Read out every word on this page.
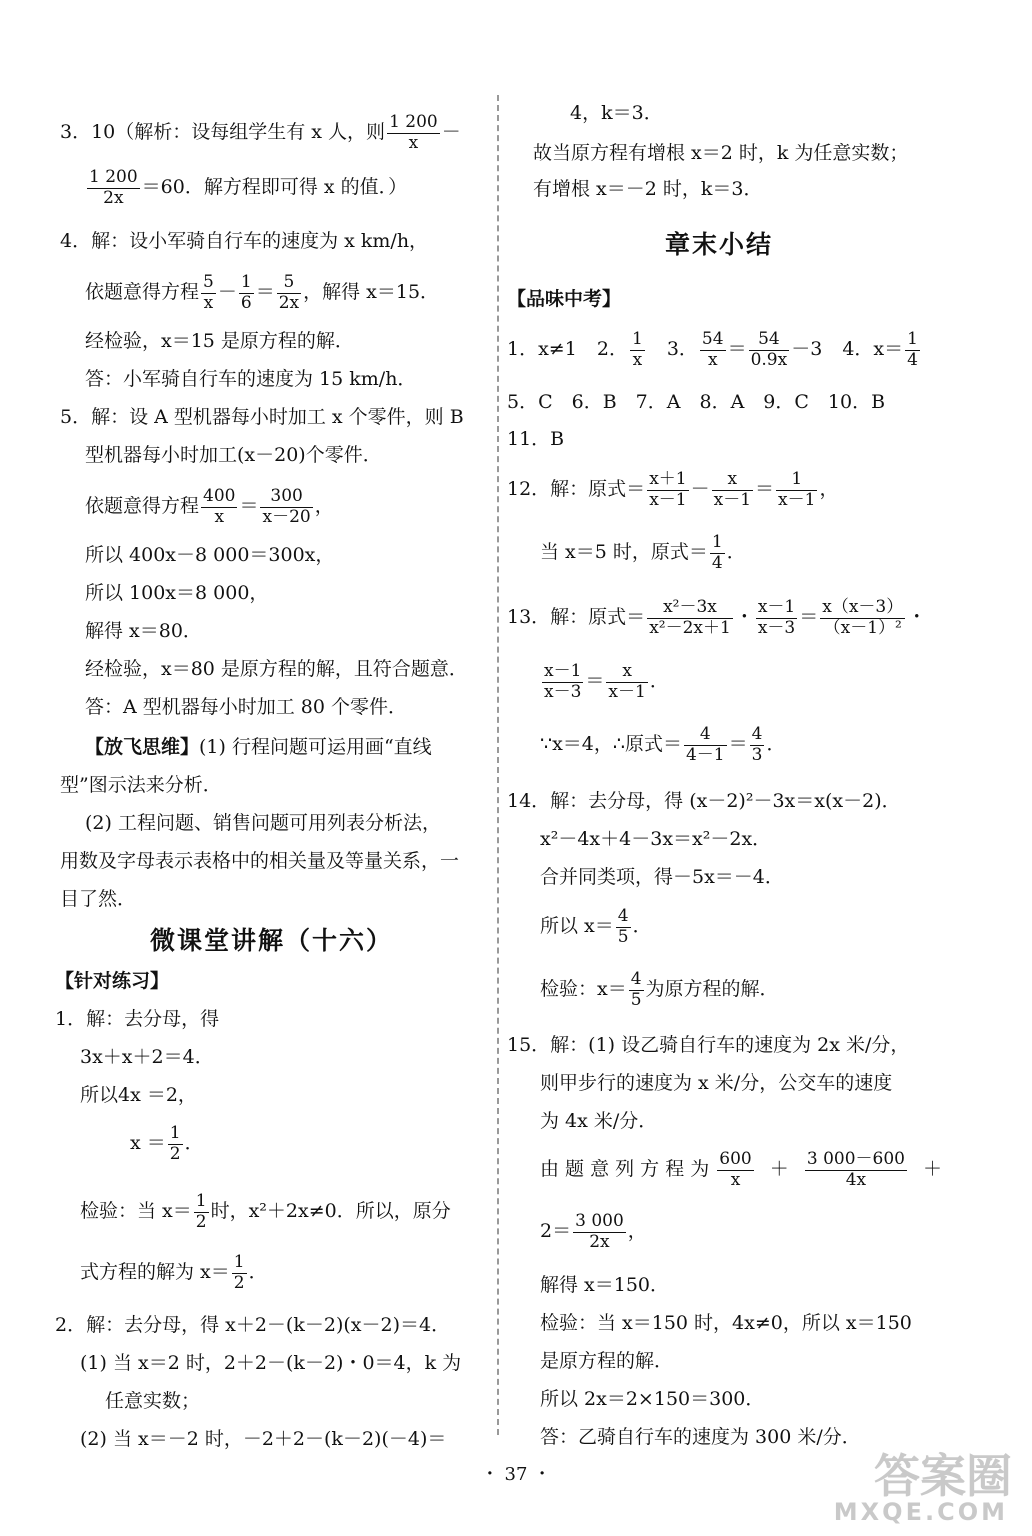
3．10（解析：设每组学生有 x 人，则 $\frac{1 200}{x}$ －
$\frac{1 200}{2x} =60$．解方程即可得 x 的值．）
4．解：设小军骑自行车的速度为 x km/h，
依题意得方程 $\frac{5}{x} - \frac{1}{6} = \frac{5}{2x}$ ，解得 x＝15．
经检验，x＝15 是原方程的解．
答：小军骑自行车的速度为 15 km/h．
5．解：设 A 型机器每小时加工 x 个零件，则 B
型机器每小时加工(x－20)个零件．
依题意得方程 $\frac{400}{x} = \frac{300}{x-20}$ ，
所以 400x－8 000＝300x，
所以 100x＝8 000，
解得 x＝80．
经检验，x＝80 是原方程的解，且符合题意．
答：A 型机器每小时加工 80 个零件．
【放飞思维】(1) 行程问题可运用画“直线
型”图示法来分析．
(2) 工程问题、销售问题可用列表分析法，
用数及字母表示表格中的相关量及等量关系，一
目了然．
微课堂讲解（十六）
【针对练习】
1．解：去分母，得
3x＋x＋2＝4．
所以4x ＝2，
$x = \frac{1}{2}$ ．
检验：当 $x= \frac{1}{2}$ 时，x²＋2x≠0．所以，原分
式方程的解为 $x= \frac{1}{2}$ ．
2．解：去分母，得 x＋2－(k－2)(x－2)＝4．
(1) 当 x＝2 时，2＋2－(k－2)・0＝4，k 为
任意实数；
(2) 当 x＝－2 时，－2＋2－(k－2)(－4)＝
4，k＝3．
故当原方程有增根 x＝2 时，k 为任意实数；
有增根 x＝－2 时，k＝3．
章末小结
【品味中考】
1．x≠1 2． $\frac{1}{x} 3$． $\frac{54}{x} = \frac{54}{0.9x} -3$ 4．$x= \frac{1}{4}$
5．C　6．B　7．A　8．A　9．C　10．B
11．B
12．解：原式＝ $\frac{x+1}{x-1} - \frac{x}{x-1} = \frac{1}{x-1}$ ，
当 x＝5 时，原式＝ $\frac{1}{4}$ ．
13．解：原式＝ $\frac{\text{x²－3x}}{\text{x²－2x＋1}}$ ・ $\frac{x-1}{x-3} = \frac{x(x-3)}{\text{（x－1）²}}$ ・
$\frac{x-1}{x-3} = \frac{x}{x-1}$ ．
∵x＝4，∴原式＝ $\frac{4}{4-1} = \frac{4}{3}$ ．
14．解：去分母，得 (x－2)²－3x＝x(x－2)．
x²－4x＋4－3x＝x²－2x．
合并同类项，得－5x＝－4．
所以 $x= \frac{4}{5}$ ．
检验：$x= \frac{4}{5}$ 为原方程的解．
15．解：(1) 设乙骑自行车的速度为 2x 米/分，
则甲步行的速度为 x 米/分，公交车的速度
为 4x 米/分．
由 题 意 列 方 程 为 $\frac{600}{x} + \frac{3 000-600}{4x}$ ＋
$2= \frac{3 000}{2x}$ ，
解得 x＝150．
检验：当 x＝150 时，4x≠0，所以 x＝150
是原方程的解．
所以 2x＝2×150＝300．
答：乙骑自行车的速度为 300 米/分．
・ 37 ・	答案圈
MXQE.COM
